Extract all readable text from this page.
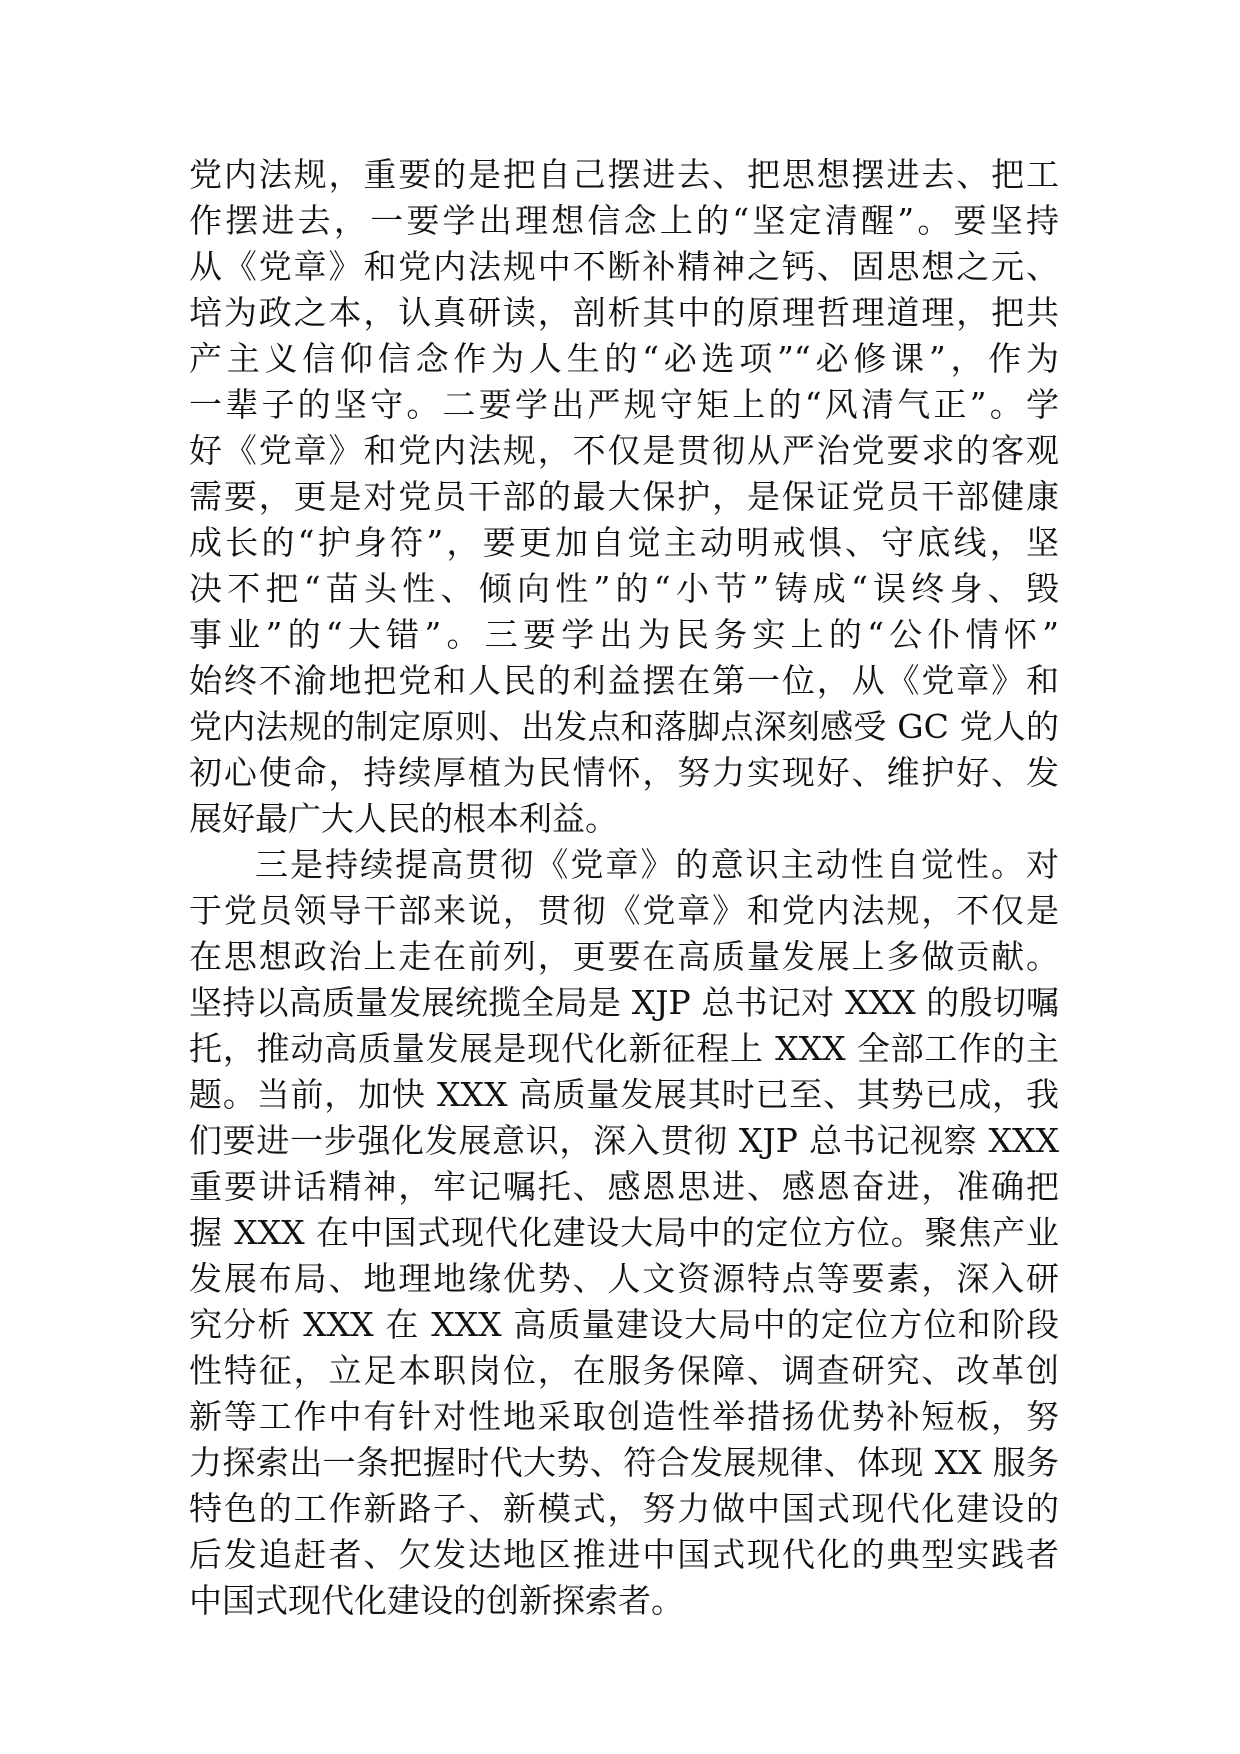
党内法规，重要的是把自己摆进去、把思想摆进去、把工
作摆进去，一要学出理想信念上的“坚定清醒”。要坚持
从《党章》和党内法规中不断补精神之钙、固思想之元、
培为政之本，认真研读，剖析其中的原理哲理道理，把共
产主义信仰信念作为人生的“必选项”“必修课”，作为
一辈子的坚守。二要学出严规守矩上的“风清气正”。学
好《党章》和党内法规，不仅是贯彻从严治党要求的客观
需要，更是对党员干部的最大保护，是保证党员干部健康
成长的“护身符”，要更加自觉主动明戒惧、守底线，坚
决不把“苗头性、倾向性”的“小节”铸成“误终身、毁
事业”的“大错”。三要学出为民务实上的“公仆情怀”
始终不渝地把党和人民的利益摆在第一位，从《党章》和
党内法规的制定原则、出发点和落脚点深刻感受 GC 党人的
初心使命，持续厚植为民情怀，努力实现好、维护好、发
展好最广大人民的根本利益。
三是持续提高贯彻《党章》的意识主动性自觉性。对
于党员领导干部来说，贯彻《党章》和党内法规，不仅是
在思想政治上走在前列，更要在高质量发展上多做贡献。
坚持以高质量发展统揽全局是 XJP 总书记对 XXX 的殷切嘱
托，推动高质量发展是现代化新征程上 XXX 全部工作的主
题。当前，加快 XXX 高质量发展其时已至、其势已成，我
们要进一步强化发展意识，深入贯彻 XJP 总书记视察 XXX
重要讲话精神，牢记嘱托、感恩思进、感恩奋进，准确把
握 XXX 在中国式现代化建设大局中的定位方位。聚焦产业
发展布局、地理地缘优势、人文资源特点等要素，深入研
究分析 XXX 在 XXX 高质量建设大局中的定位方位和阶段
性特征，立足本职岗位，在服务保障、调查研究、改革创
新等工作中有针对性地采取创造性举措扬优势补短板，努
力探索出一条把握时代大势、符合发展规律、体现 XX 服务
特色的工作新路子、新模式，努力做中国式现代化建设的
后发追赶者、欠发达地区推进中国式现代化的典型实践者
中国式现代化建设的创新探索者。
